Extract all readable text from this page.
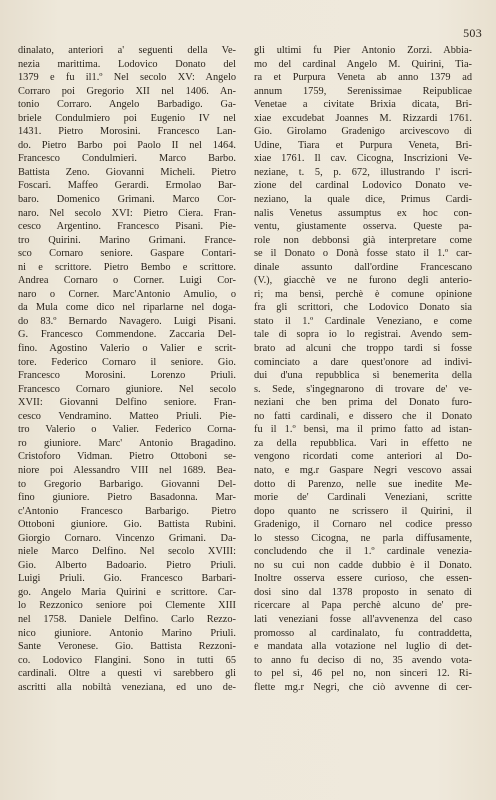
503
dinalato, anteriori a' seguenti della Ve-
nezia marittima. Lodovico Donato del
1379 e fu il1.º Nel secolo XV: Angelo
Corraro poi Gregorio XII nel 1406. An-
tonio Corraro. Angelo Barbadigo. Ga-
briele Condulmiero poi Eugenio IV nel
1431. Pietro Morosini. Francesco Lan-
do. Pietro Barbo poi Paolo II nel 1464.
Francesco Condulmieri. Marco Barbo.
Battista Zeno. Giovanni Micheli. Pietro
Foscari. Maffeo Gerardi. Ermolao Bar-
baro. Domenico Grimani. Marco Cor-
naro. Nel secolo XVI: Pietro Ciera. Fran-
cesco Argentino. Francesco Pisani. Pie-
tro Quirini. Marino Grimani. France-
sco Cornaro seniore. Gaspare Contari-
ni e scrittore. Pietro Bembo e scrittore.
Andrea Cornaro o Corner. Luigi Cor-
naro o Corner. Marc'Antonio Amulio, o
da Mula come dico nel riparlarne nel doga-
do 83.º Bernardo Navagero. Luigi Pisani.
G. Francesco Commendone. Zaccaria Del-
fino. Agostino Valerio o Valier e scrit-
tore. Federico Cornaro il seniore. Gio.
Francesco Morosini. Lorenzo Priuli.
Francesco Cornaro giuniore. Nel secolo
XVII: Giovanni Delfino seniore. Fran-
cesco Vendramino. Matteo Priuli. Pie-
tro Valerio o Valier. Federico Corna-
ro giuniore. Marc' Antonio Bragadino.
Cristoforo Vidman. Pietro Ottoboni se-
niore poi Alessandro VIII nel 1689. Bea-
to Gregorio Barbarigo. Giovanni Del-
fino giuniore. Pietro Basadonna. Mar-
c'Antonio Francesco Barbarigo. Pietro
Ottoboni giuniore. Gio. Battista Rubini.
Giorgio Cornaro. Vincenzo Grimani. Da-
niele Marco Delfino. Nel secolo XVIII:
Gio. Alberto Badoario. Pietro Priuli.
Luigi Priuli. Gio. Francesco Barbari-
go. Angelo Maria Quirini e scrittore. Car-
lo Rezzonico seniore poi Clemente XIII
nel 1758. Daniele Delfino. Carlo Rezzo-
nico giuniore. Antonio Marino Priuli.
Sante Veronese. Gio. Battista Rezzoni-
co. Lodovico Flangini. Sono in tutti 65
cardinali. Oltre a questi vi sarebbero gli
ascritti alla nobiltà veneziana, ed uno de-
gli ultimi fu Pier Antonio Zorzi. Abbia-
mo del cardinal Angelo M. Quirini, Tia-
ra et Purpura Veneta ab anno 1379 ad
annum 1759, Serenissimae Reipublicae
Venetae a civitate Brixia dicata, Bri-
xiae excudebat Joannes M. Rizzardi 1761.
Gio. Girolamo Gradenigo arcivescovo di
Udine, Tiara et Purpura Veneta, Bri-
xiae 1761. Il cav. Cicogna, Inscrizioni Ve-
neziane, t. 5, p. 672, illustrando l' iscri-
zione del cardinal Lodovico Donato ve-
neziano, la quale dice, Primus Cardi-
nalis Venetus assumptus ex hoc con-
ventu, giustamente osserva. Queste pa-
role non debbonsi già interpretare come
se il Donato o Donà fosse stato il 1.º car-
dinale assunto dall'ordine Francescano
(V.), giacchè ve ne furono degli anterio-
ri; ma bensì, perchè è comune opinione
fra gli scrittori, che Lodovico Donato sia
stato il 1.º Cardinale Veneziano, e come
tale di sopra io lo registrai. Avendo sem-
brato ad alcuni che troppo tardi si fosse
cominciato a dare quest'onore ad indivi-
dui d'una repubblica sì benemerita della
s. Sede, s'ingegnarono di trovare de' ve-
neziani che ben prima del Donato furo-
no fatti cardinali, e dissero che il Donato
fu il 1.º bensì, ma il primo fatto ad istan-
za della repubblica. Vari in effetto ne
vengono ricordati come anteriori al Do-
nato, e mg.r Gaspare Negri vescovo assai
dotto di Parenzo, nelle sue inedite Me-
morie de' Cardinali Veneziani, scritte
dopo quanto ne scrissero il Quirini, il
Gradenigo, il Cornaro nel codice presso
lo stesso Cicogna, ne parla diffusamente,
concludendo che il 1.º cardinale venezia-
no su cui non cadde dubbio è il Donato.
Inoltre osserva essere curioso, che essen-
dosi sino dal 1378 proposto in senato di
ricercare al Papa perchè alcuno de' pre-
lati veneziani fosse all'avvenenza del caso
promosso al cardinalato, fu contraddetta,
e mandata alla votazione nel luglio di det-
to anno fu deciso di no, 35 avendo vota-
to pel sì, 46 pel no, non sinceri 12. Ri-
flette mg.r Negri, che ciò avvenne di cer-
